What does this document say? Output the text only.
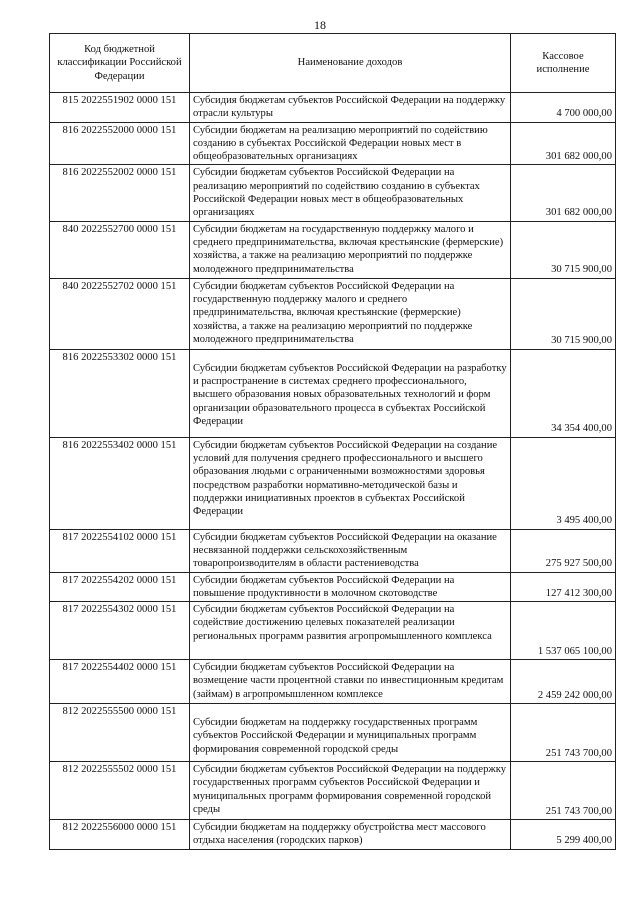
18
Код бюджетной классификации Российской Федерации	Наименование доходов	Кассовое исполнение
815 2022551902 0000 151	Субсидия бюджетам субъектов Российской Федерации на поддержку отрасли культуры	4 700 000,00
816 2022552000 0000 151	Субсидии бюджетам на реализацию мероприятий по содействию созданию в субъектах Российской Федерации новых мест в общеобразовательных организациях	301 682 000,00
816 2022552002 0000 151	Субсидии бюджетам субъектов Российской Федерации на реализацию мероприятий по содействию созданию в субъектах Российской Федерации новых мест в общеобразовательных организациях	301 682 000,00
840 2022552700 0000 151	Субсидии бюджетам на государственную поддержку малого и среднего предпринимательства, включая крестьянские (фермерские) хозяйства, а также на реализацию мероприятий по поддержке молодежного предпринимательства	30 715 900,00
840 2022552702 0000 151	Субсидии бюджетам субъектов Российской Федерации на государственную поддержку малого и среднего предпринимательства, включая крестьянские (фермерские) хозяйства, а также на реализацию мероприятий по поддержке молодежного предпринимательства	30 715 900,00
816 2022553302 0000 151	Субсидии бюджетам субъектов Российской Федерации на разработку и распространение в системах среднего профессионального, высшего образования новых образовательных технологий и форм организации образовательного процесса в субъектах Российской Федерации	34 354 400,00
816 2022553402 0000 151	Субсидии бюджетам субъектов Российской Федерации на создание условий для получения среднего профессионального и высшего образования людьми с ограниченными возможностями здоровья посредством разработки нормативно-методической базы и поддержки инициативных проектов в субъектах Российской Федерации	3 495 400,00
817 2022554102 0000 151	Субсидии бюджетам субъектов Российской Федерации на оказание несвязанной поддержки сельскохозяйственным товаропроизводителям в области растениеводства	275 927 500,00
817 2022554202 0000 151	Субсидии бюджетам субъектов Российской Федерации на повышение продуктивности в молочном скотоводстве	127 412 300,00
817 2022554302 0000 151	Субсидии бюджетам субъектов Российской Федерации на содействие достижению целевых показателей реализации региональных программ развития агропромышленного комплекса	1 537 065 100,00
817 2022554402 0000 151	Субсидии бюджетам субъектов Российской Федерации на возмещение части процентной ставки по инвестиционным кредитам (займам) в агропромышленном комплексе	2 459 242 000,00
812 2022555500 0000 151	Субсидии бюджетам на поддержку государственных программ субъектов Российской Федерации и муниципальных программ формирования современной городской среды	251 743 700,00
812 2022555502 0000 151	Субсидии бюджетам субъектов Российской Федерации на поддержку государственных программ субъектов Российской Федерации и муниципальных программ формирования современной городской среды	251 743 700,00
812 2022556000 0000 151	Субсидии бюджетам на поддержку обустройства мест массового отдыха населения (городских парков)	5 299 400,00
